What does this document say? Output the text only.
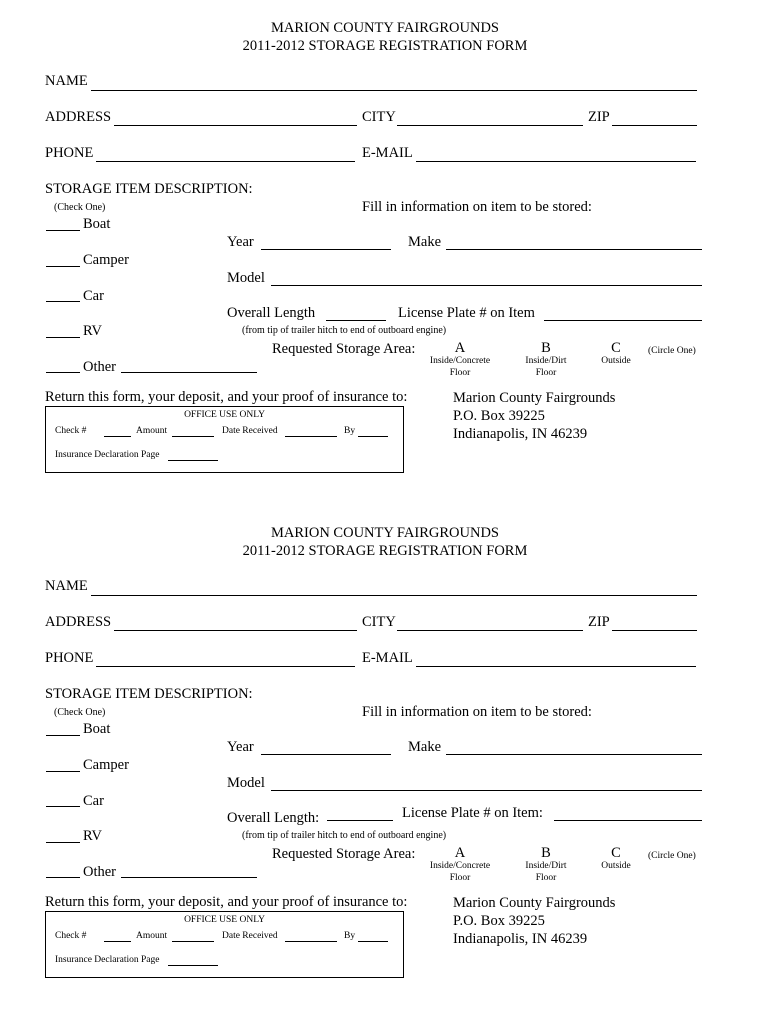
MARION COUNTY FAIRGROUNDS
2011-2012 STORAGE REGISTRATION FORM
NAME
ADDRESS	CITY	ZIP
PHONE	E-MAIL
STORAGE ITEM DESCRIPTION:
(Check One)	Fill in information on item to be stored:
Boat
Camper
Car
RV
Other
Year	Make
Model
Overall Length	License Plate # on Item
(from tip of trailer hitch to end of outboard engine)
Requested Storage Area:	A
Inside/Concrete
Floor
B
Inside/Dirt
Floor
C
Outside
(Circle One)
Return this form, your deposit, and your proof of insurance to:
OFFICE USE ONLY
Check #	Amount	Date Received	By
Insurance Declaration Page
Marion County Fairgrounds
P.O. Box 39225
Indianapolis, IN 46239
MARION COUNTY FAIRGROUNDS
2011-2012 STORAGE REGISTRATION FORM
NAME
ADDRESS	CITY	ZIP
PHONE	E-MAIL
STORAGE ITEM DESCRIPTION:
(Check One)	Fill in information on item to be stored:
Boat
Camper
Car
RV
Other
Year	Make
Model
Overall Length:	License Plate # on Item:
(from tip of trailer hitch to end of outboard engine)
Requested Storage Area:	A
Inside/Concrete
Floor
B
Inside/Dirt
Floor
C
Outside
(Circle One)
Return this form, your deposit, and your proof of insurance to:
OFFICE USE ONLY
Check #	Amount	Date Received	By
Insurance Declaration Page
Marion County Fairgrounds
P.O. Box 39225
Indianapolis, IN 46239
